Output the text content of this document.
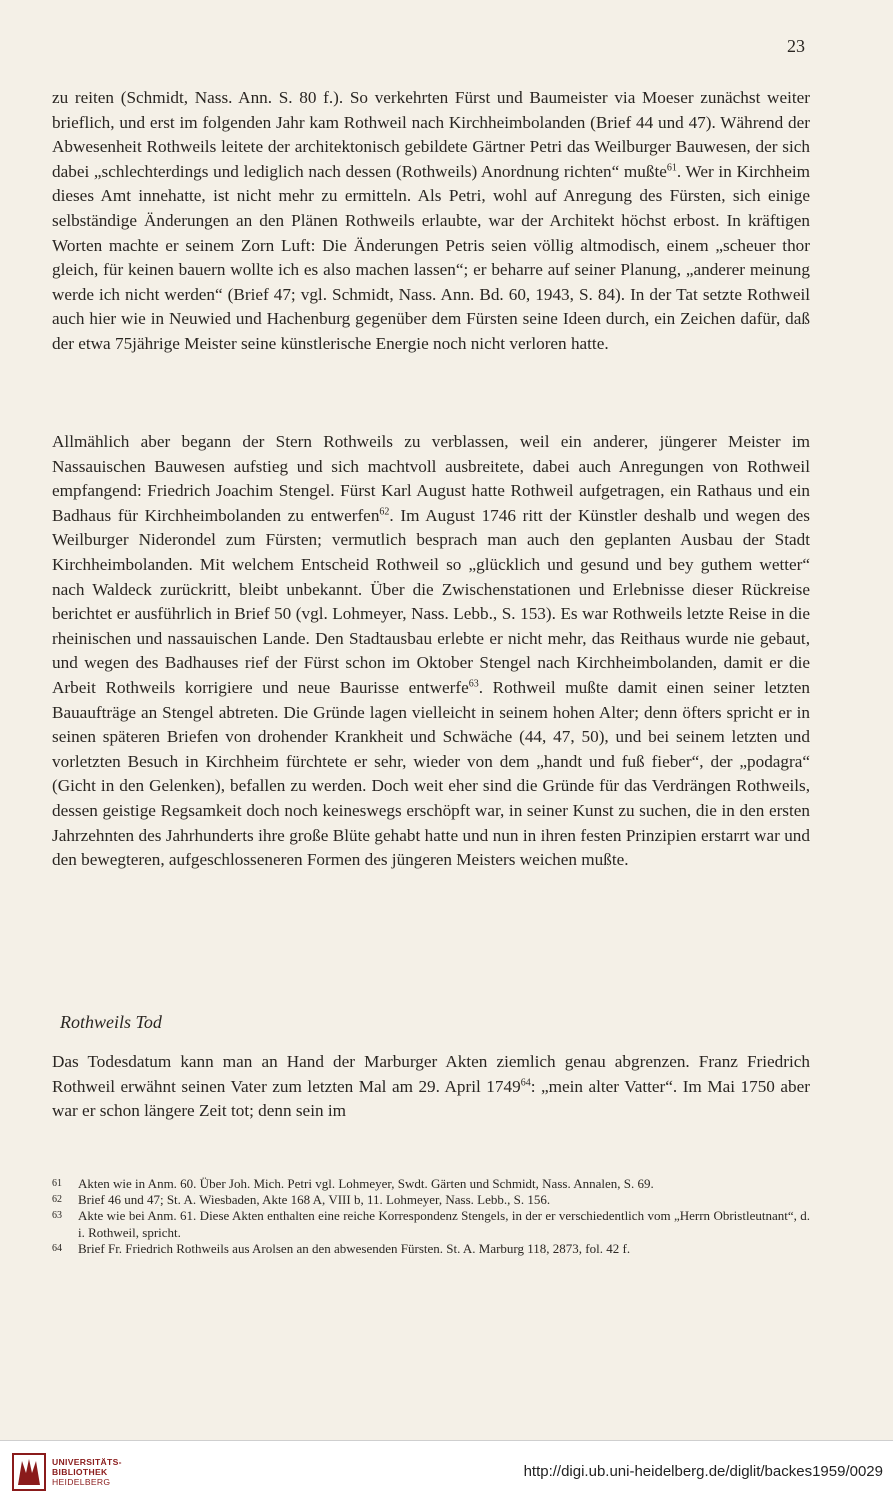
23

zu reiten (Schmidt, Nass. Ann. S. 80 f.). So verkehrten Fürst und Baumeister via Moeser zunächst weiter brieflich, und erst im folgenden Jahr kam Rothweil nach Kirchheimbolanden (Brief 44 und 47). Während der Abwesenheit Rothweils leitete der architektonisch gebildete Gärtner Petri das Weilburger Bauwesen, der sich dabei „schlechterdings und lediglich nach dessen (Rothweils) Anordnung richten“ mußte$^{61}$. Wer in Kirchheim dieses Amt innehatte, ist nicht mehr zu ermitteln. Als Petri, wohl auf Anregung des Fürsten, sich einige selbständige Änderungen an den Plänen Rothweils erlaubte, war der Architekt höchst erbost. In kräftigen Worten machte er seinem Zorn Luft: Die Änderungen Petris seien völlig altmodisch, einem „scheuer thor gleich, für keinen bauern wollte ich es also machen lassen“; er beharre auf seiner Planung, „anderer meinung werde ich nicht werden“ (Brief 47; vgl. Schmidt, Nass. Ann. Bd. 60, 1943, S. 84). In der Tat setzte Rothweil auch hier wie in Neuwied und Hachenburg gegenüber dem Fürsten seine Ideen durch, ein Zeichen dafür, daß der etwa 75jährige Meister seine künstlerische Energie noch nicht verloren hatte.

Allmählich aber begann der Stern Rothweils zu verblassen, weil ein anderer, jüngerer Meister im Nassauischen Bauwesen aufstieg und sich machtvoll ausbreitete, dabei auch Anregungen von Rothweil empfangend: Friedrich Joachim Stengel. Fürst Karl August hatte Rothweil aufgetragen, ein Rathaus und ein Badhaus für Kirchheimbolanden zu entwerfen$^{62}$. Im August 1746 ritt der Künstler deshalb und wegen des Weilburger Niderondel zum Fürsten; vermutlich besprach man auch den geplanten Ausbau der Stadt Kirchheimbolanden. Mit welchem Entscheid Rothweil so „glücklich und gesund und bey guthem wetter“ nach Waldeck zurückritt, bleibt unbekannt. Über die Zwischenstationen und Erlebnisse dieser Rückreise berichtet er ausführlich in Brief 50 (vgl. Lohmeyer, Nass. Lebb., S. 153). Es war Rothweils letzte Reise in die rheinischen und nassauischen Lande. Den Stadtausbau erlebte er nicht mehr, das Reithaus wurde nie gebaut, und wegen des Badhauses rief der Fürst schon im Oktober Stengel nach Kirchheimbolanden, damit er die Arbeit Rothweils korrigiere und neue Baurisse entwerfe$^{63}$. Rothweil mußte damit einen seiner letzten Bauaufträge an Stengel abtreten. Die Gründe lagen vielleicht in seinem hohen Alter; denn öfters spricht er in seinen späteren Briefen von drohender Krankheit und Schwäche (44, 47, 50), und bei seinem letzten und vorletzten Besuch in Kirchheim fürchtete er sehr, wieder von dem „handt und fuß fieber“, der „podagra“ (Gicht in den Gelenken), befallen zu werden. Doch weit eher sind die Gründe für das Verdrängen Rothweils, dessen geistige Regsamkeit doch noch keineswegs erschöpft war, in seiner Kunst zu suchen, die in den ersten Jahrzehnten des Jahrhunderts ihre große Blüte gehabt hatte und nun in ihren festen Prinzipien erstarrt war und den bewegteren, aufgeschlosseneren Formen des jüngeren Meisters weichen mußte.

Rothweils Tod

Das Todesdatum kann man an Hand der Marburger Akten ziemlich genau abgrenzen. Franz Friedrich Rothweil erwähnt seinen Vater zum letzten Mal am 29. April 1749$^{64}$: „mein alter Vatter“. Im Mai 1750 aber war er schon längere Zeit tot; denn sein im

61 Akten wie in Anm. 60. Über Joh. Mich. Petri vgl. Lohmeyer, Swdt. Gärten und Schmidt, Nass. Annalen, S. 69.
62 Brief 46 und 47; St. A. Wiesbaden, Akte 168 A, VIII b, 11. Lohmeyer, Nass. Lebb., S. 156.
63 Akte wie bei Anm. 61. Diese Akten enthalten eine reiche Korrespondenz Stengels, in der er verschiedentlich vom „Herrn Obristleutnant“, d. i. Rothweil, spricht.
64 Brief Fr. Friedrich Rothweils aus Arolsen an den abwesenden Fürsten. St. A. Marburg 118, 2873, fol. 42 f.
UNIVERSITÄTS-
BIBLIOTHEK
HEIDELBERG
http://digi.ub.uni-heidelberg.de/diglit/backes1959/0029
